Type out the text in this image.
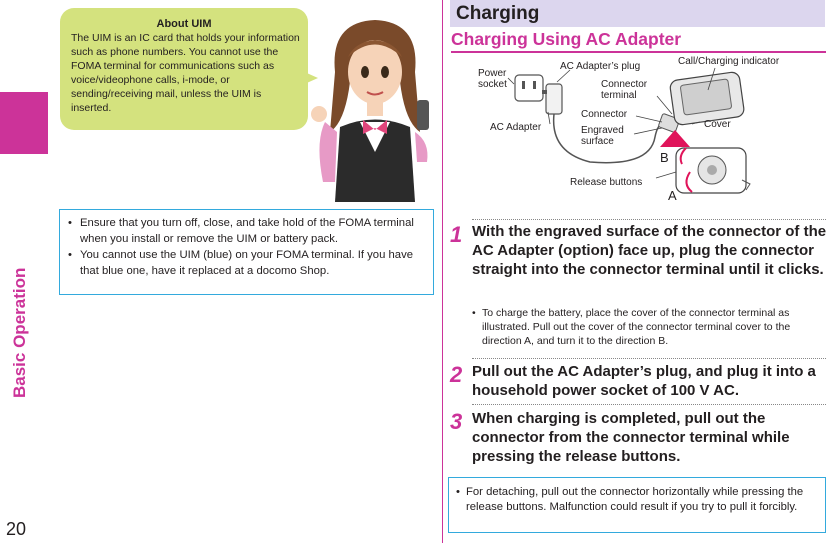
Basic Operation
20
About UIM
The UIM is an IC card that holds your information such as phone numbers. You cannot use the FOMA terminal for communications such as voice/videophone calls, i-mode, or sending/receiving mail, unless the UIM is inserted.
• Ensure that you turn off, close, and take hold of the FOMA terminal when you install or remove the UIM or battery pack.
• You cannot use the UIM (blue) on your FOMA terminal. If you have that blue one, have it replaced at a docomo Shop.
Charging
Charging Using AC Adapter
Power
socket
AC Adapter’s plug	Call/Charging indicator
Connector
terminal
Connector
AC Adapter	Engraved
surface
Cover
Release buttons
B
A
1 With the engraved surface of the connector of the AC Adapter (option) face up, plug the connector straight into the connector terminal until it clicks.
• To charge the battery, place the cover of the connector terminal as illustrated. Pull out the cover of the connector terminal cover to the direction A, and turn it to the direction B.
2 Pull out the AC Adapter’s plug, and plug it into a household power socket of 100 V AC.
3 When charging is completed, pull out the connector from the connector terminal while pressing the release buttons.

• For detaching, pull out the connector horizontally while pressing the release buttons. Malfunction could result if you try to pull it forcibly.
